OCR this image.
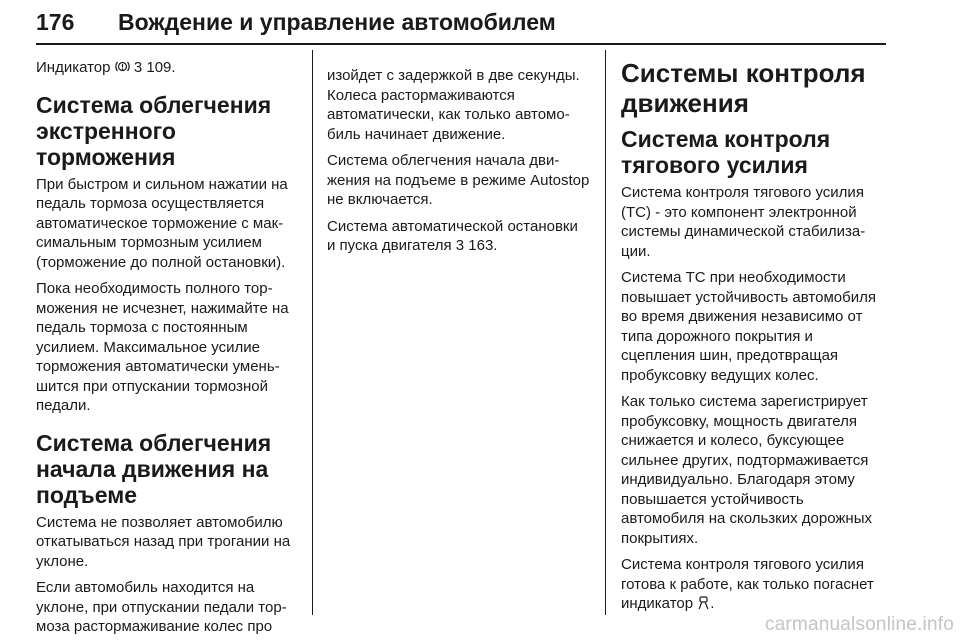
176	Вождение и управление автомобилем

Индикатор 3 109.

Система облегчения экстренного торможения

При быстром и сильном нажатии на педаль тормоза осуществляется автоматическое торможение с максимальным тормозным усилием (торможение до полной остановки).

Пока необходимость полного торможения не исчезнет, нажимайте на педаль тормоза с постоянным усилием. Максимальное усилие торможения автоматически уменьшится при отпускании тормозной педали.

Система облегчения начала движения на подъеме

Система не позволяет автомобилю откатываться назад при трогании на уклоне.

Если автомобиль находится на уклоне, при отпускании педали тормоза растормаживание колес про

изойдет с задержкой в две секунды. Колеса растормаживаются автоматически, как только автомобиль начинает движение.

Система облегчения начала движения на подъеме в режиме Autostop не включается.

Система автоматической остановки и пуска двигателя 3 163.

Системы контроля движения
Система контроля тягового усилия

Система контроля тягового усилия (TC) - это компонент электронной системы динамической стабилизации.

Система ТС при необходимости повышает устойчивость автомобиля во время движения независимо от типа дорожного покрытия и сцепления шин, предотвращая пробуксовку ведущих колес.

Как только система зарегистрирует пробуксовку, мощность двигателя снижается и колесо, буксующее сильнее других, подтормаживается индивидуально. Благодаря этому повышается устойчивость автомобиля на скользких дорожных покрытиях.

Система контроля тягового усилия готова к работе, как только погаснет индикатор .

carmanualsonline.info
